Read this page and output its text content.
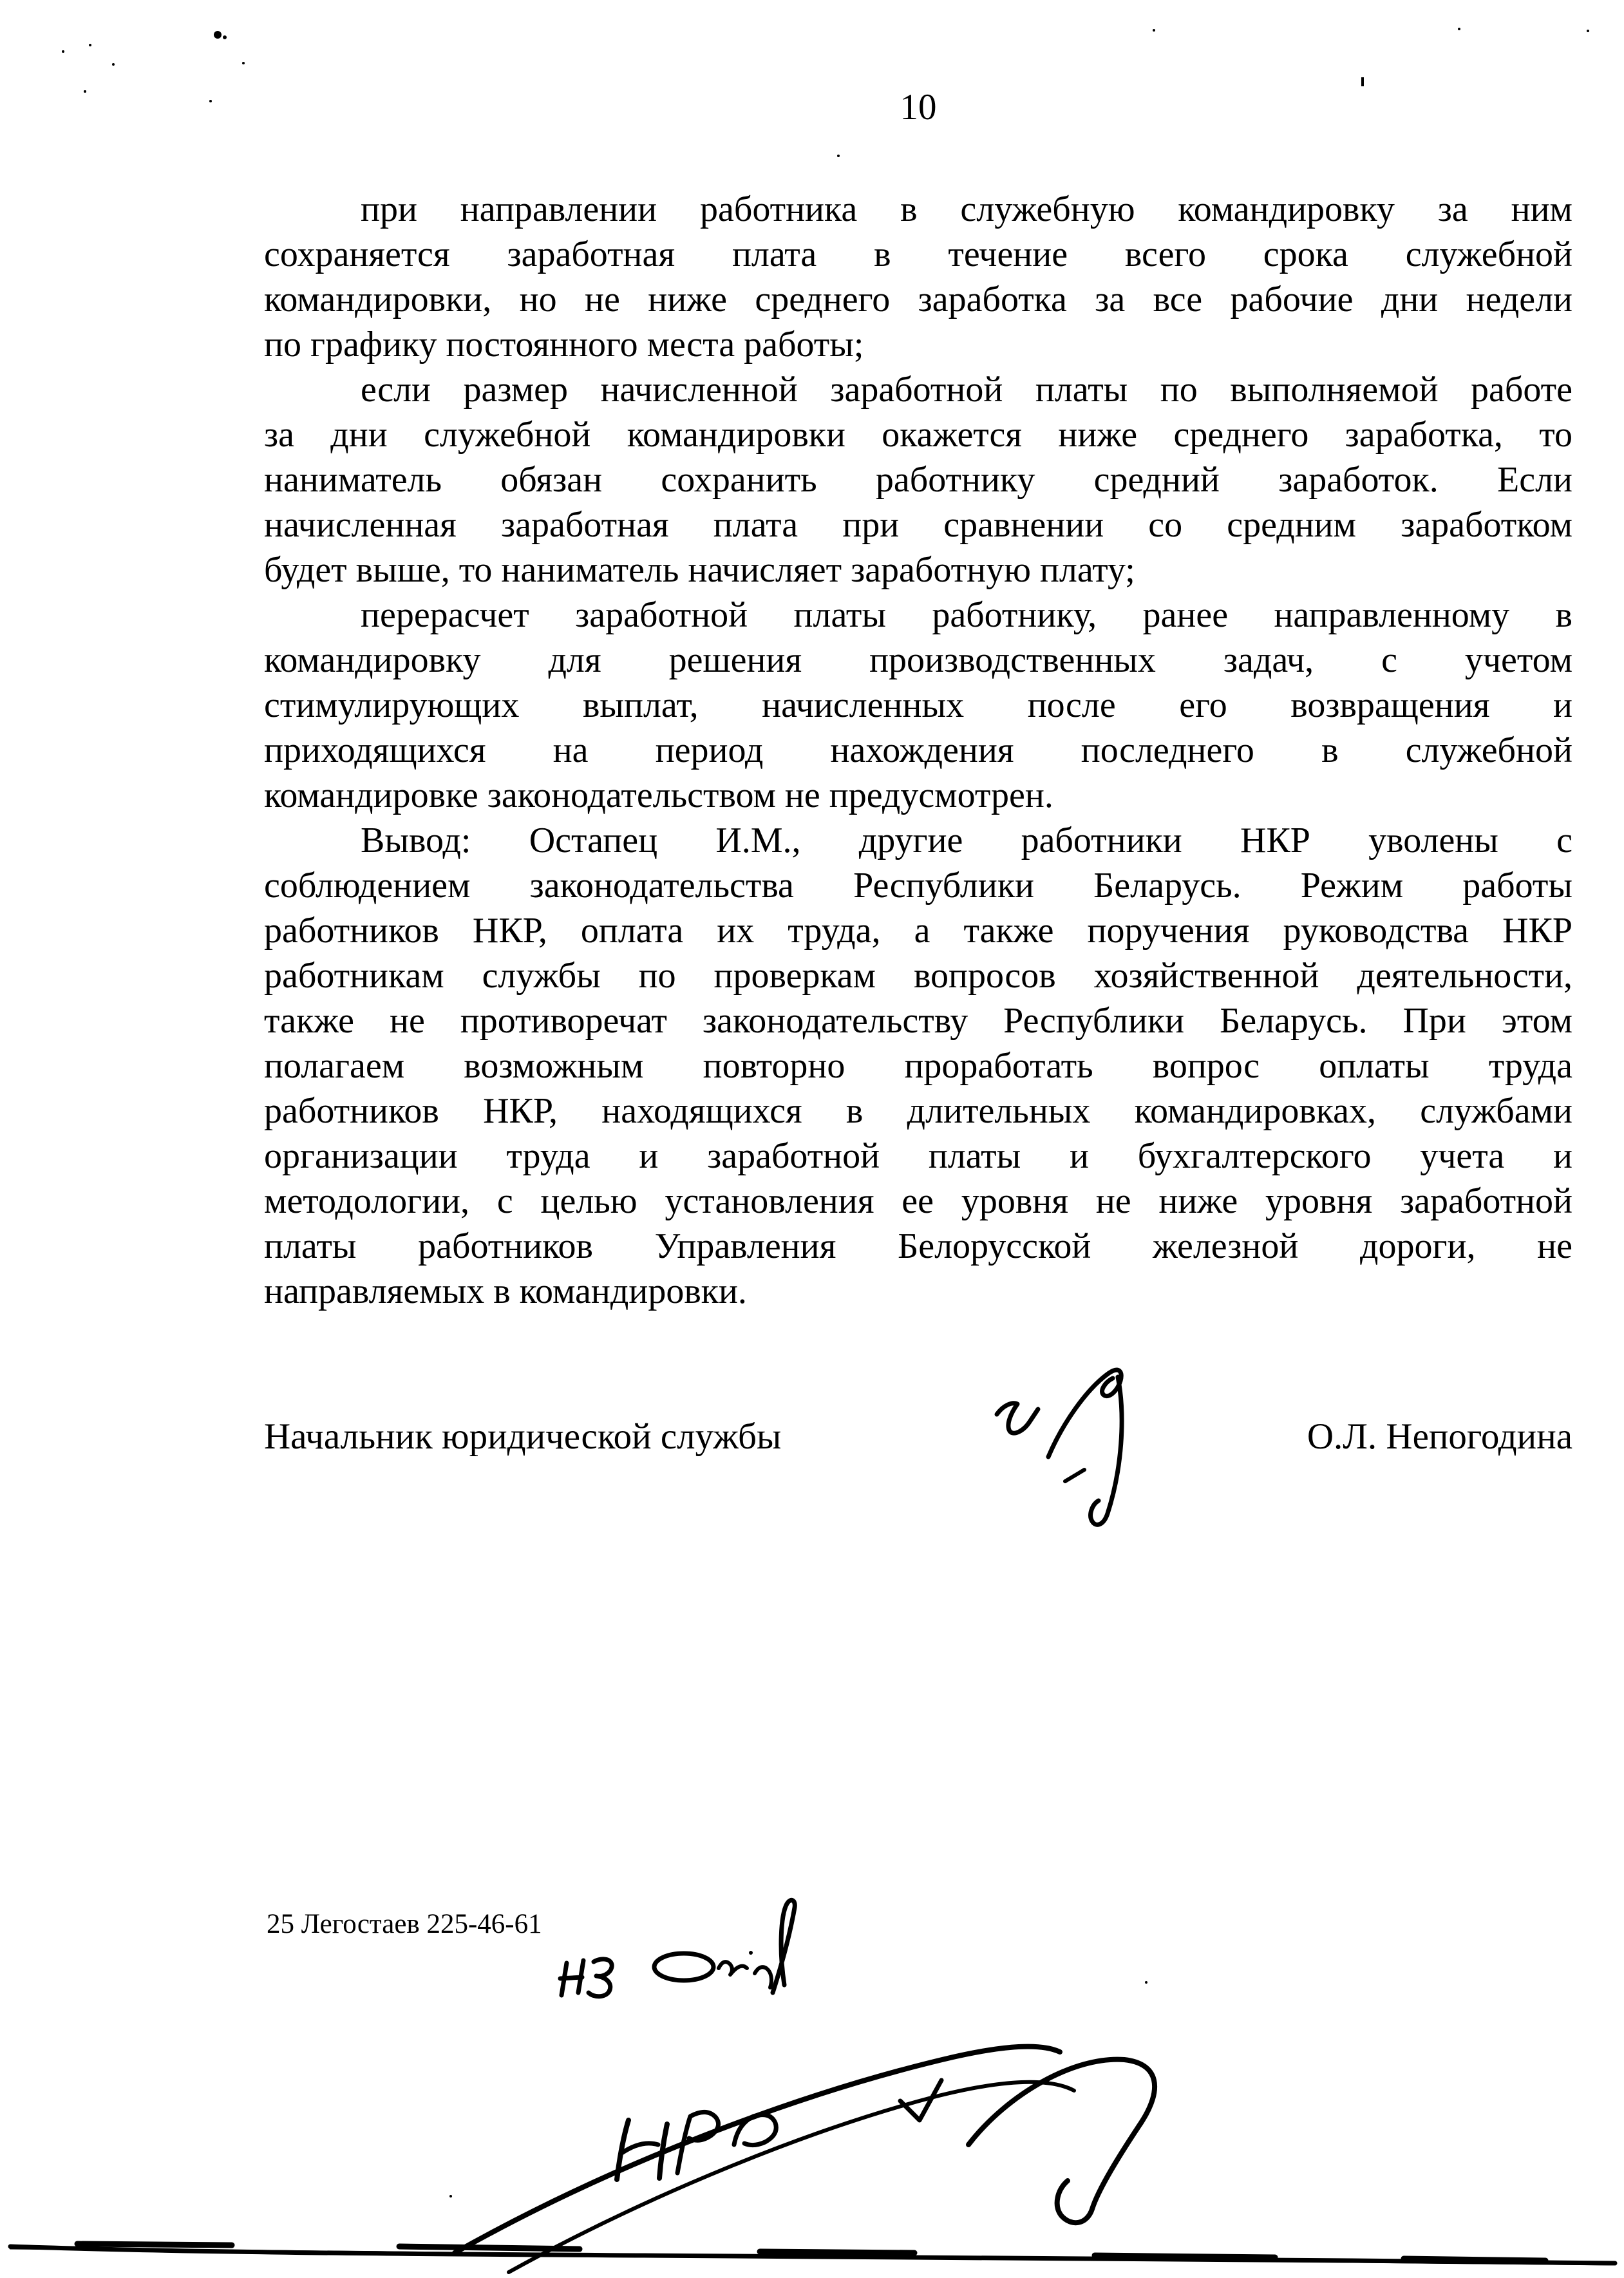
10
при направлении работника в служебную командировку за ним
сохраняется заработная плата в течение всего срока служебной
командировки, но не ниже среднего заработка за все рабочие дни недели
по графику постоянного места работы;
если размер начисленной заработной платы по выполняемой работе
за дни служебной командировки окажется ниже среднего заработка, то
наниматель обязан сохранить работнику средний заработок. Если
начисленная заработная плата при сравнении со средним заработком
будет выше, то наниматель начисляет заработную плату;
перерасчет заработной платы работнику, ранее направленному в
командировку для решения производственных задач, с учетом
стимулирующих выплат, начисленных после его возвращения и
приходящихся на период нахождения последнего в служебной
командировке законодательством не предусмотрен.
Вывод: Остапец И.М., другие работники НКР уволены с
соблюдением законодательства Республики Беларусь. Режим работы
работников НКР, оплата их труда, а также поручения руководства НКР
работникам службы по проверкам вопросов хозяйственной деятельности,
также не противоречат законодательству Республики Беларусь. При этом
полагаем возможным повторно проработать вопрос оплаты труда
работников НКР, находящихся в длительных командировках, службами
организации труда и заработной платы и бухгалтерского учета и
методологии, с целью установления ее уровня не ниже уровня заработной
платы работников Управления Белорусской железной дороги, не
направляемых в командировки.
Начальник юридической службы	О.Л. Непогодина
25 Легостаев 225-46-61
